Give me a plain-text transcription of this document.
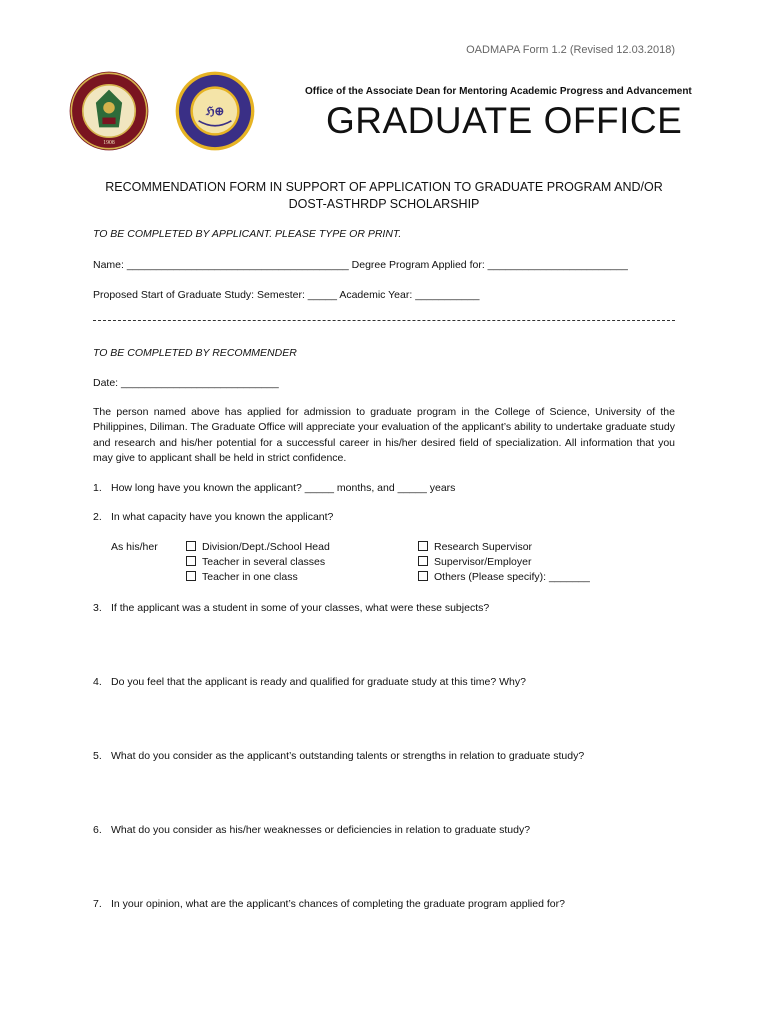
OADMAPA Form 1.2 (Revised 12.03.2018)
1908
ℌ⊕
Office of the Associate Dean for Mentoring Academic Progress and Advancement
GRADUATE OFFICE
RECOMMENDATION FORM IN SUPPORT OF APPLICATION TO GRADUATE PROGRAM AND/OR
DOST-ASTHRDP SCHOLARSHIP
TO BE COMPLETED BY APPLICANT. PLEASE TYPE OR PRINT.
Name: ______________________________________ Degree Program Applied for: ________________________
Proposed Start of Graduate Study: Semester: _____ Academic Year: ___________
TO BE COMPLETED BY RECOMMENDER
Date: ___________________________
The person named above has applied for admission to graduate program in the College of Science, University of the Philippines, Diliman. The Graduate Office will appreciate your evaluation of the applicant’s ability to undertake graduate study and research and his/her potential for a successful career in his/her desired field of specialization. All information that you may give to applicant shall be held in strict confidence.
1. How long have you known the applicant? _____ months, and _____ years
2. In what capacity have you known the applicant?
As his/her	Division/Dept./School Head
Teacher in several classes
Teacher in one class
Research Supervisor
Supervisor/Employer
Others (Please specify): _______
3. If the applicant was a student in some of your classes, what were these subjects?
4. Do you feel that the applicant is ready and qualified for graduate study at this time? Why?
5. What do you consider as the applicant’s outstanding talents or strengths in relation to graduate study?
6. What do you consider as his/her weaknesses or deficiencies in relation to graduate study?
7. In your opinion, what are the applicant’s chances of completing the graduate program applied for?
